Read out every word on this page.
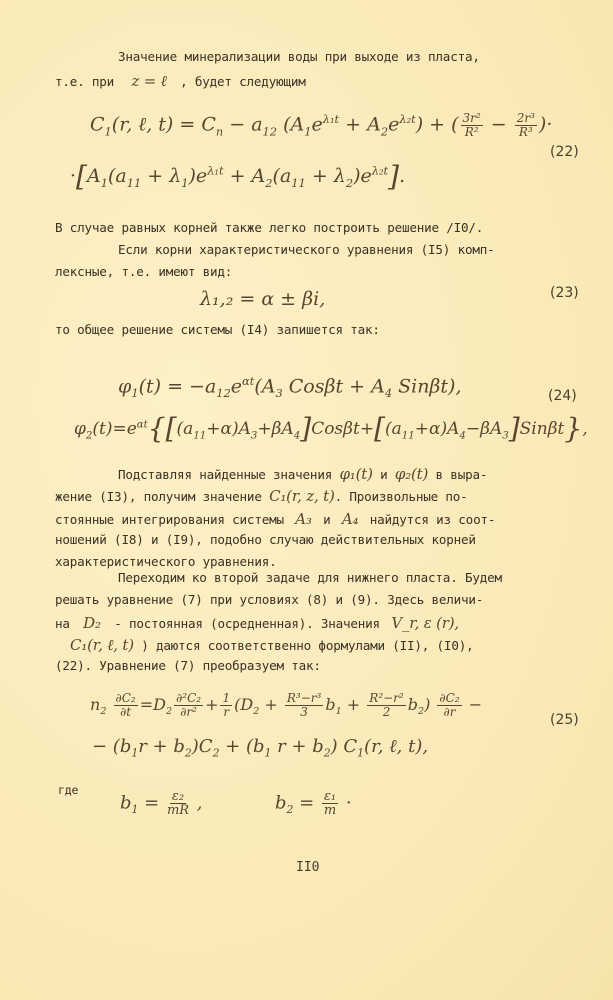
Значение минерализации воды при выходе из пласта,
т.е. при z = ℓ , будет следующим
$C_1(r$, ℓ, $t) = C_n - a_{12}$ $(A_1e^{\lambda_1t} + A_2e^{\lambda_2t})$ + ( $\frac{\text{3r²}}{\text{R²}} - \frac{\text{2r³}}{\text{R³}}$ )·
$\cdot[A_1(a_{11} + \lambda_1)e^{\lambda_1t} + A_2(a_{11} + \lambda_2)e^{\lambda_2t}]$.
(22)
В случае равных корней также легко построить решение /I0/.
Если корни характеристического уравнения (I5) комп-
лексные, т.е. имеют вид:
λ₁,₂ = α ± βi,	(23)
то общее решение системы (I4) запишется так:
$\varphi_1(t) = -a_{12}e^{\alpha t}(A_3$ $Cos\beta t + A_4$ Sinβt),	(24)
$\varphi_2(t)=e^{\alpha t}\{[(a_{11}+\alpha)A_3+\beta A_4]Cos\beta t+[(a_{11}+\alpha)A_4-\beta A_3]Sin\beta t\}$,
Подставляя найденные значения φ₁(t) и φ₂(t) в выра-
жение (I3), получим значение C₁(r, z, t). Произвольные по-
стоянные интегрирования системы A₃ и A₄ найдутся из соот-
ношений (I8) и (I9), подобно случаю действительных корней
характеристического уравнения.
Переходим ко второй задаче для нижнего пласта. Будем
решать уравнение (7) при условиях (8) и (9). Здесь величи-
на D₂ - постоянная (осредненная). Значения V_r, ε (r),
C₁(r, ℓ, t) ) даются соответственно формулами (II), (I0),
(22). Уравнение (7) преобразуем так:
$n_2 \frac{\text{∂C₂}}{\partial t} =D_2 \frac{\text{∂²C₂}}{\text{∂r²}} + \frac{1}{r} (D_2 + \frac{\text{R³−r³}}{3} b_1 + \frac{\text{R²−r²}}{2} b_2) \frac{\text{∂C₂}}{\partial r}$ −
(25)
− $(b_1r + b_2)C_2 + (b_1$ $r + b_2$) $C_1(r$, ℓ, t),
где
$b_1 = \frac{\text{ε₂}}{mR}$ ,	$b_2 = \frac{\text{ε₁}}{m}$ ·
II0
